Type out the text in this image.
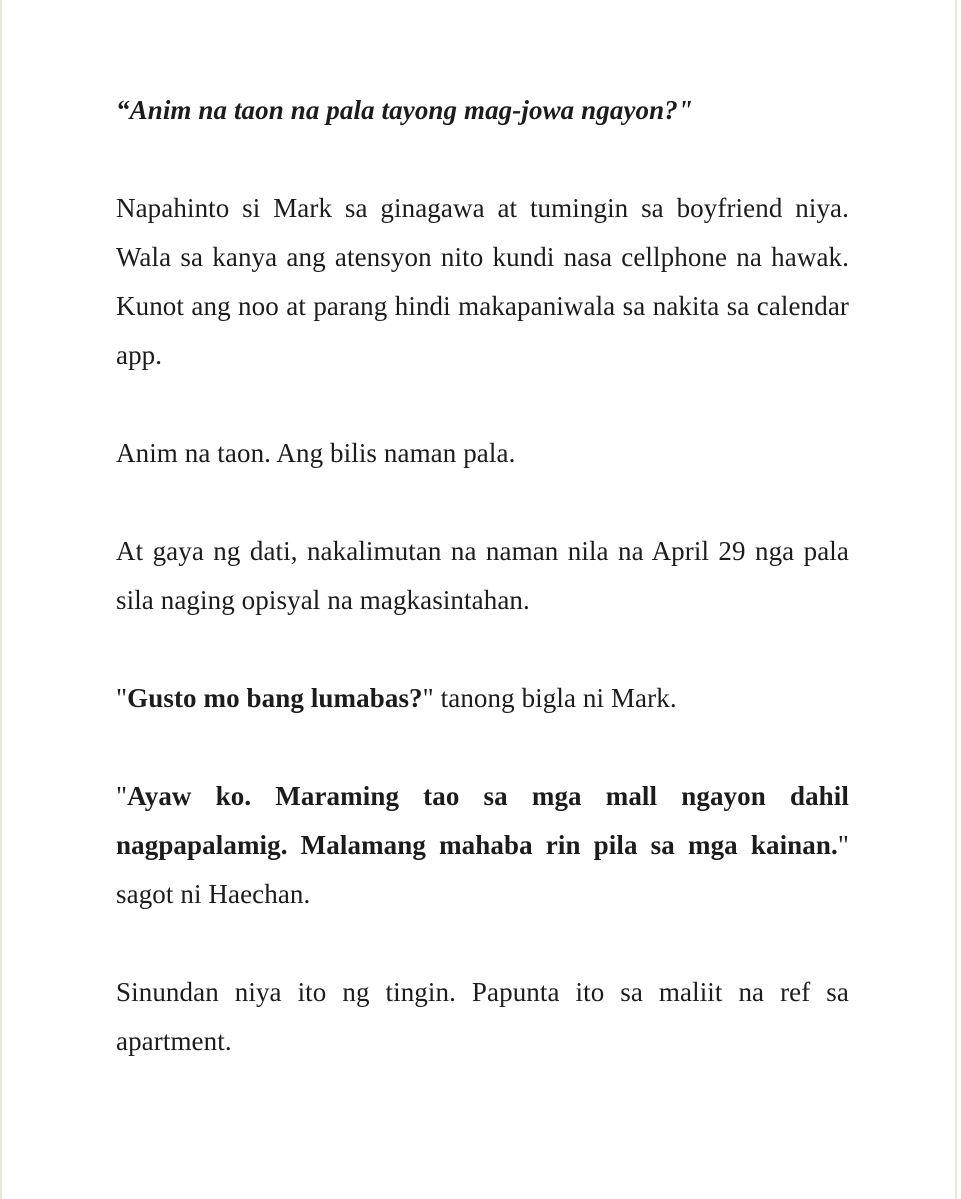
“Anim na taon na pala tayong mag-jowa ngayon?"

Napahinto si Mark sa ginagawa at tumingin sa boyfriend niya. Wala sa kanya ang atensyon nito kundi nasa cellphone na hawak. Kunot ang noo at parang hindi makapaniwala sa nakita sa calendar app.

Anim na taon. Ang bilis naman pala.

At gaya ng dati, nakalimutan na naman nila na April 29 nga pala sila naging opisyal na magkasintahan.

"Gusto mo bang lumabas?" tanong bigla ni Mark.

"Ayaw ko. Maraming tao sa mga mall ngayon dahil nagpapalamig. Malamang mahaba rin pila sa mga kainan." sagot ni Haechan.

Sinundan niya ito ng tingin. Papunta ito sa maliit na ref sa apartment.
